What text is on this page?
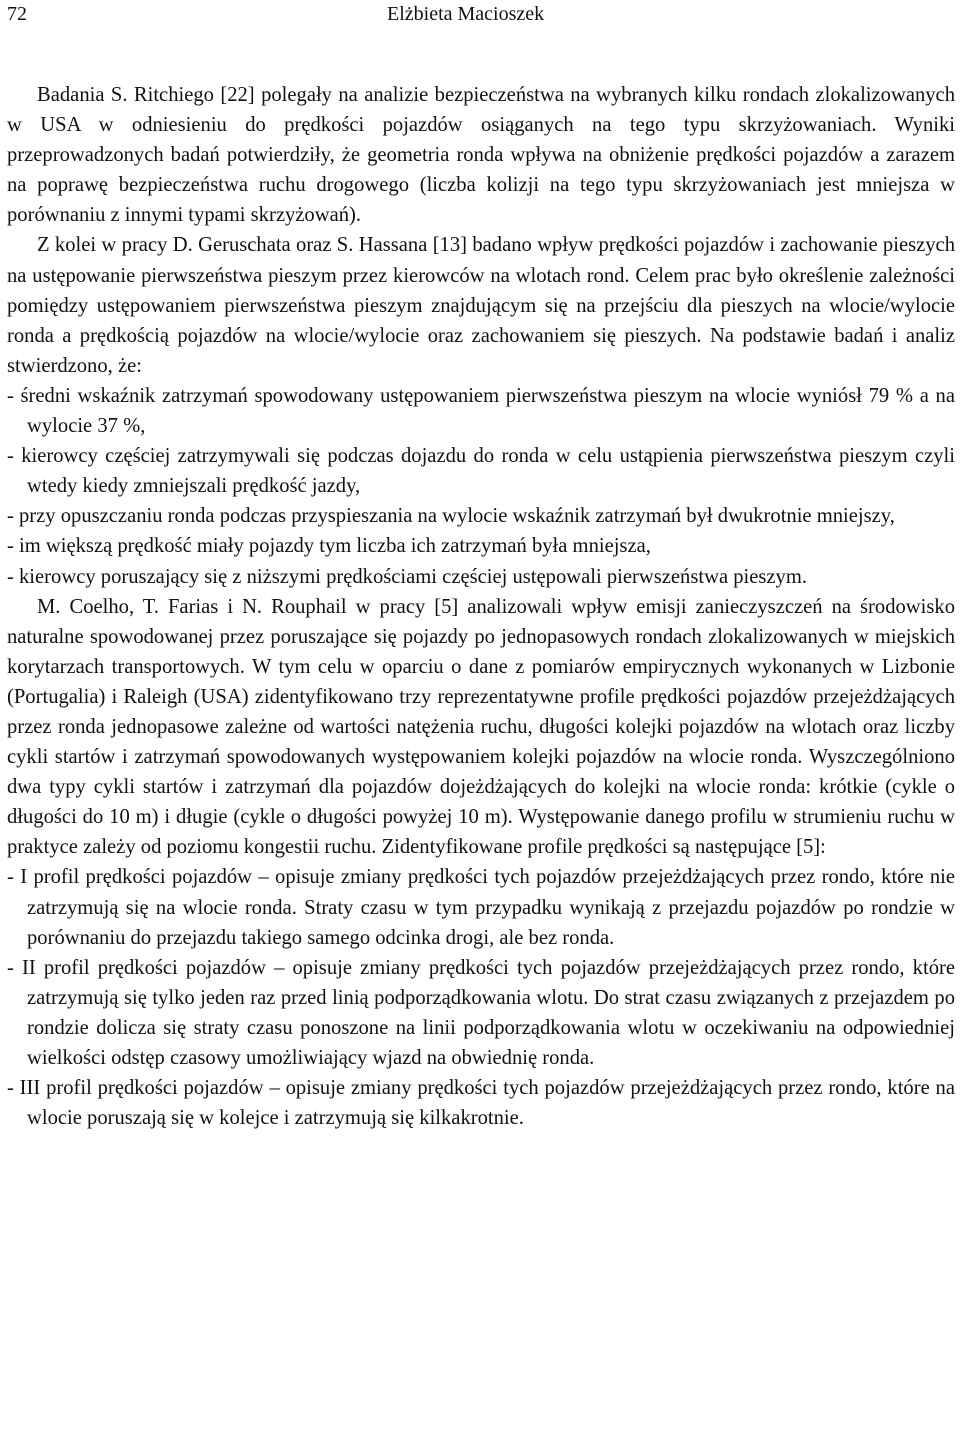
72	Elżbieta Macioszek

Badania S. Ritchiego [22] polegały na analizie bezpieczeństwa na wybranych kilku rondach zlokalizowanych w USA w odniesieniu do prędkości pojazdów osiąganych na tego typu skrzyżowaniach. Wyniki przeprowadzonych badań potwierdziły, że geometria ronda wpływa na obniżenie prędkości pojazdów a zarazem na poprawę bezpieczeństwa ruchu drogowego (liczba kolizji na tego typu skrzyżowaniach jest mniejsza w porównaniu z innymi typami skrzyżowań).

Z kolei w pracy D. Geruschata oraz S. Hassana [13] badano wpływ prędkości pojazdów i zachowanie pieszych na ustępowanie pierwszeństwa pieszym przez kierowców na wlotach rond. Celem prac było określenie zależności pomiędzy ustępowaniem pierwszeństwa pieszym znajdującym się na przejściu dla pieszych na wlocie/wylocie ronda a prędkością pojazdów na wlocie/wylocie oraz zachowaniem się pieszych. Na podstawie badań i analiz stwierdzono, że:

- średni wskaźnik zatrzymań spowodowany ustępowaniem pierwszeństwa pieszym na wlocie wyniósł 79 % a na wylocie 37 %,

- kierowcy częściej zatrzymywali się podczas dojazdu do ronda w celu ustąpienia pierwszeństwa pieszym czyli wtedy kiedy zmniejszali prędkość jazdy,

- przy opuszczaniu ronda podczas przyspieszania na wylocie wskaźnik zatrzymań był dwukrotnie mniejszy,

- im większą prędkość miały pojazdy tym liczba ich zatrzymań była mniejsza,

- kierowcy poruszający się z niższymi prędkościami częściej ustępowali pierwszeństwa pieszym.

M. Coelho, T. Farias i N. Rouphail w pracy [5] analizowali wpływ emisji zanieczyszczeń na środowisko naturalne spowodowanej przez poruszające się pojazdy po jednopasowych rondach zlokalizowanych w miejskich korytarzach transportowych. W tym celu w oparciu o dane z pomiarów empirycznych wykonanych w Lizbonie (Portugalia) i Raleigh (USA) zidentyfikowano trzy reprezentatywne profile prędkości pojazdów przejeżdżających przez ronda jednopasowe zależne od wartości natężenia ruchu, długości kolejki pojazdów na wlotach oraz liczby cykli startów i zatrzymań spowodowanych występowaniem kolejki pojazdów na wlocie ronda. Wyszczególniono dwa typy cykli startów i zatrzymań dla pojazdów dojeżdżających do kolejki na wlocie ronda: krótkie (cykle o długości do 10 m) i długie (cykle o długości powyżej 10 m). Występowanie danego profilu w strumieniu ruchu w praktyce zależy od poziomu kongestii ruchu. Zidentyfikowane profile prędkości są następujące [5]:

- I profil prędkości pojazdów – opisuje zmiany prędkości tych pojazdów przejeżdżających przez rondo, które nie zatrzymują się na wlocie ronda. Straty czasu w tym przypadku wynikają z przejazdu pojazdów po rondzie w porównaniu do przejazdu takiego samego odcinka drogi, ale bez ronda.

- II profil prędkości pojazdów – opisuje zmiany prędkości tych pojazdów przejeżdżających przez rondo, które zatrzymują się tylko jeden raz przed linią podporządkowania wlotu. Do strat czasu związanych z przejazdem po rondzie dolicza się straty czasu ponoszone na linii podporządkowania wlotu w oczekiwaniu na odpowiedniej wielkości odstęp czasowy umożliwiający wjazd na obwiednię ronda.

- III profil prędkości pojazdów – opisuje zmiany prędkości tych pojazdów przejeżdżających przez rondo, które na wlocie poruszają się w kolejce i zatrzymują się kilkakrotnie.
